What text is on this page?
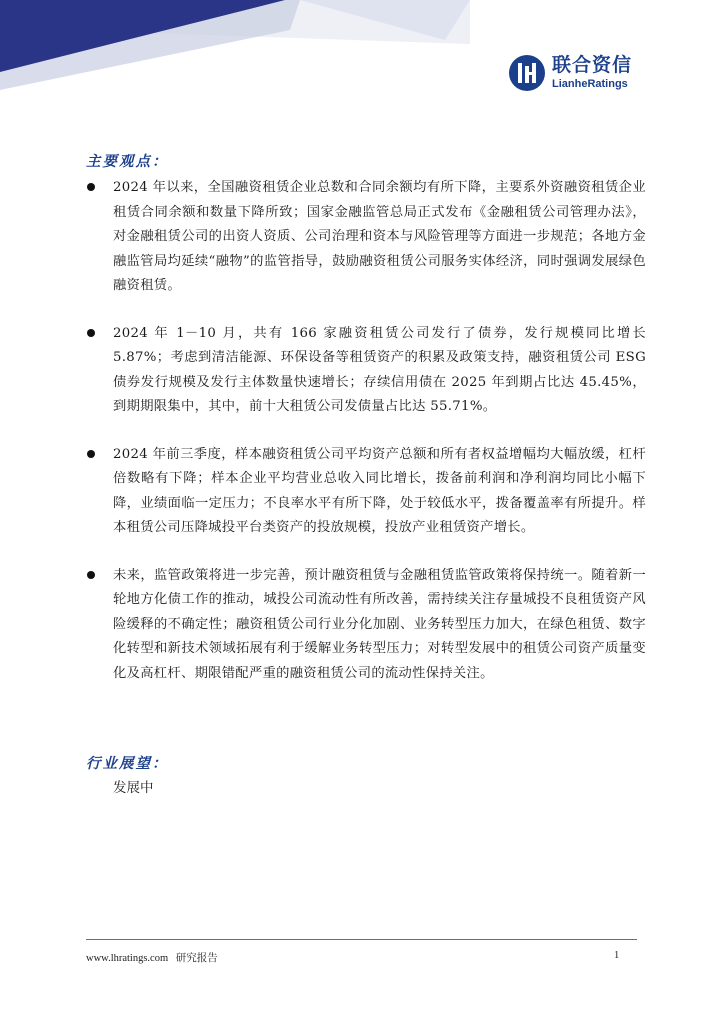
联合资信
LianheRatings
主要观点：
2024 年以来，全国融资租赁企业总数和合同余额均有所下降，主要系外资融资租赁企业租赁合同余额和数量下降所致；国家金融监管总局正式发布《金融租赁公司管理办法》，对金融租赁公司的出资人资质、公司治理和资本与风险管理等方面进一步规范；各地方金融监管局均延续“融物”的监管指导，鼓励融资租赁公司服务实体经济，同时强调发展绿色融资租赁。
2024 年 1－10 月，共有 166 家融资租赁公司发行了债券，发行规模同比增长 5.87%；考虑到清洁能源、环保设备等租赁资产的积累及政策支持，融资租赁公司 ESG 债券发行规模及发行主体数量快速增长；存续信用债在 2025 年到期占比达 45.45%，到期期限集中，其中，前十大租赁公司发债量占比达 55.71%。
2024 年前三季度，样本融资租赁公司平均资产总额和所有者权益增幅均大幅放缓，杠杆倍数略有下降；样本企业平均营业总收入同比增长，拨备前利润和净利润均同比小幅下降，业绩面临一定压力；不良率水平有所下降，处于较低水平，拨备覆盖率有所提升。样本租赁公司压降城投平台类资产的投放规模，投放产业租赁资产增长。
未来，监管政策将进一步完善，预计融资租赁与金融租赁监管政策将保持统一。随着新一轮地方化债工作的推动，城投公司流动性有所改善，需持续关注存量城投不良租赁资产风险缓释的不确定性；融资租赁公司行业分化加剧、业务转型压力加大，在绿色租赁、数字化转型和新技术领域拓展有利于缓解业务转型压力；对转型发展中的租赁公司资产质量变化及高杠杆、期限错配严重的融资租赁公司的流动性保持关注。
行业展望：
发展中
www.lhratings.com 研究报告	1
